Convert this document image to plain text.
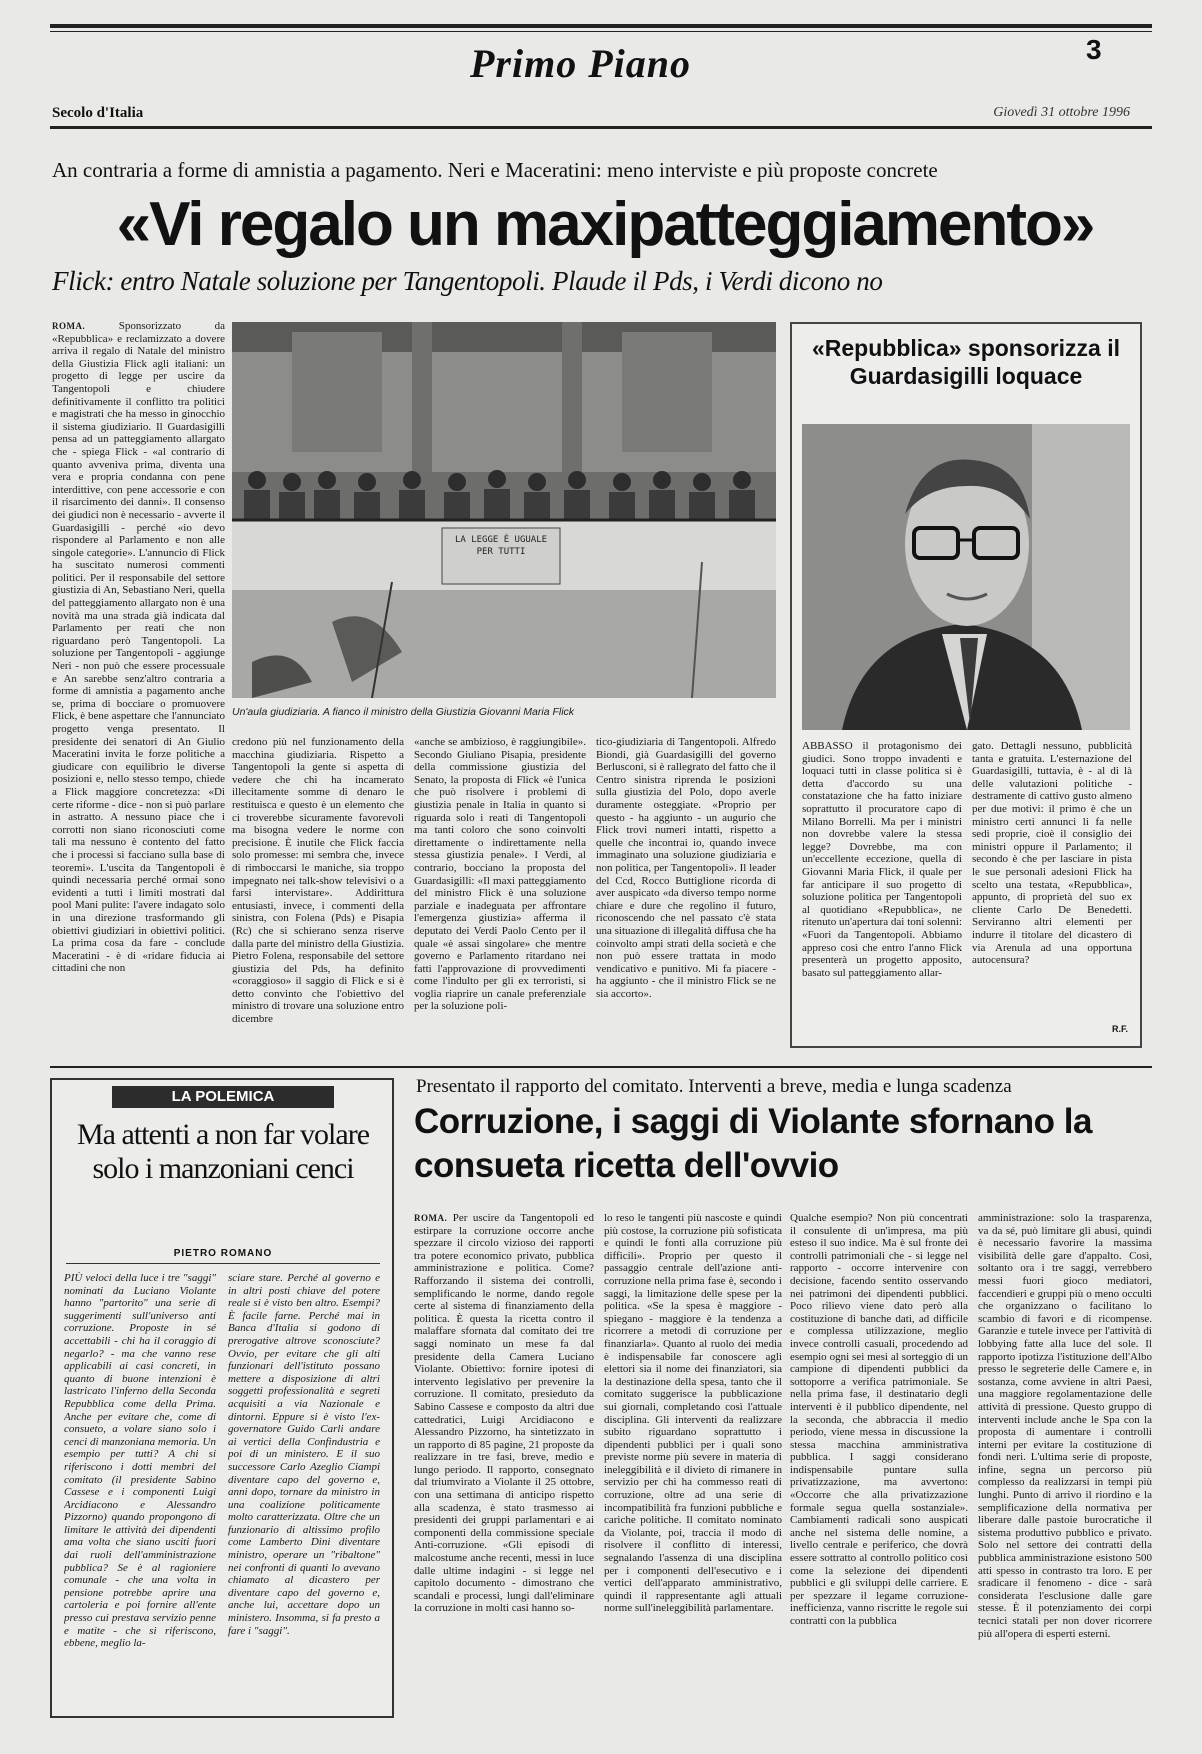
Primo Piano	3
Secolo d'Italia	Giovedì 31 ottobre 1996
An contraria a forme di amnistia a pagamento. Neri e Maceratini: meno interviste e più proposte concrete
«Vi regalo un maxipatteggiamento»
Flick: entro Natale soluzione per Tangentopoli. Plaude il Pds, i Verdi dicono no
ROMA.	Sponsorizzato da «Repubblica» e reclamizzato a dovere arriva il regalo di Natale del ministro della Giustizia Flick agli italiani: un progetto di legge per uscire da Tangentopoli e chiudere definitivamente il conflitto tra politici e magistrati che ha messo in ginocchio il sistema giudiziario. Il Guardasigilli pensa ad un patteggiamento allargato che - spiega Flick - «al contrario di quanto avveniva prima, diventa una vera e propria condanna con pene interdittive, con pene accessorie e con il risarcimento dei danni». Il consenso dei giudici non è necessario - avverte il Guardasigilli - perché «io devo rispondere al Parlamento e non alle singole categorie». L'annuncio di Flick ha suscitato numerosi commenti politici. Per il responsabile del settore giustizia di An, Sebastiano Neri, quella del patteggiamento allargato non è una novità ma una strada già indicata dal Parlamento per reati che non riguardano però Tangentopoli. La soluzione per Tangentopoli - aggiunge Neri - non può che essere processuale e An sarebbe senz'altro contraria a forme di amnistia a pagamento anche se, prima di bocciare o promuovere Flick, è bene aspettare che l'annunciato progetto venga presentato. Il presidente dei senatori di An Giulio Maceratini invita le forze politiche a giudicare con equilibrio le diverse posizioni e, nello stesso tempo, chiede a Flick maggiore concretezza: «Di certe riforme - dice - non si può parlare in astratto. A nessuno piace che i corrotti non siano riconosciuti come tali ma nessuno è contento del fatto che i processi si facciano sulla base di teoremi». L'uscita da Tangentopoli è quindi necessaria perché ormai sono evidenti a tutti i limiti mostrati dal pool Mani pulite: l'avere indagato solo in una direzione trasformando gli obiettivi giudiziari in obiettivi politici. La prima cosa da fare - conclude Maceratini - è di «ridare fiducia ai cittadini che non
LA LEGGE È UGUALE PER TUTTI
Un'aula giudiziaria. A fianco il ministro della Giustizia Giovanni Maria Flick
credono più nel funzionamento della macchina giudiziaria. Rispetto a Tangentopoli la gente si aspetta di vedere che chi ha incamerato illecitamente somme di denaro le restituisca e questo è un elemento che ci troverebbe sicuramente favorevoli ma bisogna vedere le norme con precisione. È inutile che Flick faccia solo promesse: mi sembra che, invece di rimboccarsi le maniche, sia troppo impegnato nei talk-show televisivi o a farsi intervistare». Addirittura entusiasti, invece, i commenti della sinistra, con Folena (Pds) e Pisapia (Rc) che si schierano senza riserve dalla parte del ministro della Giustizia. Pietro Folena, responsabile del settore giustizia del Pds, ha definito «coraggioso» il saggio di Flick e si è detto convinto che l'obiettivo del ministro di trovare una soluzione entro dicembre
«anche se ambizioso, è raggiungibile». Secondo Giuliano Pisapia, presidente della commissione giustizia del Senato, la proposta di Flick «è l'unica che può risolvere i problemi di giustizia penale in Italia in quanto si riguarda solo i reati di Tangentopoli ma tanti coloro che sono coinvolti direttamente o indirettamente nella stessa giustizia penale». I Verdi, al contrario, bocciano la proposta del Guardasigilli: «Il maxi patteggiamento del ministro Flick è una soluzione parziale e inadeguata per affrontare l'emergenza giustizia» afferma il deputato dei Verdi Paolo Cento per il quale «è assai singolare» che mentre governo e Parlamento ritardano nei fatti l'approvazione di provvedimenti come l'indulto per gli ex terroristi, si voglia riaprire un canale preferenziale per la soluzione poli-
tico-giudiziaria di Tangentopoli. Alfredo Biondi, già Guardasigilli del governo Berlusconi, si è rallegrato del fatto che il Centro sinistra riprenda le posizioni sulla giustizia del Polo, dopo averle duramente osteggiate. «Proprio per questo - ha aggiunto - un augurio che Flick trovi numeri intatti, rispetto a quelle che incontrai io, quando invece immaginato una soluzione giudiziaria e non politica, per Tangentopoli». Il leader del Ccd, Rocco Buttiglione ricorda di aver auspicato «da diverso tempo norme chiare e dure che regolino il futuro, riconoscendo che nel passato c'è stata una situazione di illegalità diffusa che ha coinvolto ampi strati della società e che non può essere trattata in modo vendicativo e punitivo. Mi fa piacere - ha aggiunto - che il ministro Flick se ne sia accorto».
«Repubblica» sponsorizza il Guardasigilli loquace
ABBASSO il protagonismo dei giudici. Sono troppo invadenti e loquaci tutti in classe politica si è detta d'accordo su una constatazione che ha fatto iniziare soprattutto il procuratore capo di Milano Borrelli. Ma per i ministri non dovrebbe valere la stessa legge? Dovrebbe, ma con un'eccellente eccezione, quella di Giovanni Maria Flick, il quale per far anticipare il suo progetto di soluzione politica per Tangentopoli al quotidiano «Repubblica», ne ritenuto un'apertura dai toni solenni: «Fuori da Tangentopoli. Abbiamo appreso così che entro l'anno Flick presenterà un progetto apposito, basato sul patteggiamento allar-
gato. Dettagli nessuno, pubblicità tanta e gratuita. L'esternazione del Guardasigilli, tuttavia, è - al di là delle valutazioni politiche - destramente di cattivo gusto almeno per due motivi: il primo è che un ministro certi annunci li fa nelle sedi proprie, cioè il consiglio dei ministri oppure il Parlamento; il secondo è che per lasciare in pista le sue personali adesioni Flick ha scelto una testata, «Repubblica», appunto, di proprietà del suo ex cliente Carlo De Benedetti. Serviranno altri elementi per indurre il titolare del dicastero di via Arenula ad una opportuna autocensura?
R.F.
LA POLEMICA
Ma attenti a non far volare solo i manzoniani cenci
PIETRO ROMANO
PIÙ veloci della luce i tre "saggi" nominati da Luciano Violante hanno "partorito" una serie di suggerimenti sull'universo anti corruzione. Proposte in sé accettabili - chi ha il coraggio di negarlo? - ma che vanno rese applicabili ai casi concreti, in quanto di buone intenzioni è lastricato l'inferno della Seconda Repubblica come della Prima. Anche per evitare che, come di consueto, a volare siano solo i cenci di manzoniana memoria. Un esempio per tutti? A chi si riferiscono i dotti membri del comitato (il presidente Sabino Cassese e i componenti Luigi Arcidiacono e Alessandro Pizzorno) quando propongono di limitare le attività dei dipendenti ama volta che siano usciti fuori dai ruoli dell'amministrazione pubblica? Se è al ragioniere comunale - che una volta in pensione potrebbe aprire una cartoleria e poi fornire all'ente presso cui prestava servizio penne e matite - che si riferiscono, ebbene, meglio la-
sciare stare. Perché al governo e in altri posti chiave del potere reale si è visto ben altro. Esempi? È facile farne. Perché mai in Banca d'Italia si godono di prerogative altrove sconosciute? Ovvio, per evitare che gli alti funzionari dell'istituto possano mettere a disposizione di altri soggetti professionalità e segreti acquisiti a via Nazionale e dintorni. Eppure si è visto l'ex-governatore Guido Carli andare ai vertici della Confindustria e poi di un ministero. E il suo successore Carlo Azeglio Ciampi diventare capo del governo e, anni dopo, tornare da ministro in una coalizione politicamente molto caratterizzata. Oltre che un funzionario di altissimo profilo come Lamberto Dini diventare ministro, operare un "ribaltone" nei confronti di quanti lo avevano chiamato al dicastero per diventare capo del governo e, anche lui, accettare dopo un ministero. Insomma, si fa presto a fare i "saggi".
Presentato il rapporto del comitato. Interventi a breve, media e lunga scadenza
Corruzione, i saggi di Violante sfornano la consueta ricetta dell'ovvio
ROMA. Per uscire da Tangentopoli ed estirpare la corruzione occorre anche spezzare il circolo vizioso dei rapporti tra potere economico privato, pubblica amministrazione e politica. Come? Rafforzando il sistema dei controlli, semplificando le norme, dando regole certe al sistema di finanziamento della politica. È questa la ricetta contro il malaffare sfornata dal comitato dei tre saggi nominato un mese fa dal presidente della Camera Luciano Violante. Obiettivo: fornire ipotesi di intervento legislativo per prevenire la corruzione. Il comitato, presieduto da Sabino Cassese e composto da altri due cattedratici, Luigi Arcidiacono e Alessandro Pizzorno, ha sintetizzato in un rapporto di 85 pagine, 21 proposte da realizzare in tre fasi, breve, medio e lungo periodo. Il rapporto, consegnato dal triumvirato a Violante il 25 ottobre, con una settimana di anticipo rispetto alla scadenza, è stato trasmesso ai presidenti dei gruppi parlamentari e ai componenti della commissione speciale Anti-corruzione. «Gli episodi di malcostume anche recenti, messi in luce dalle ultime indagini - si legge nel capitolo documento - dimostrano che scandali e processi, lungi dall'eliminare la corruzione in molti casi hanno so-
lo reso le tangenti più nascoste e quindi più costose, la corruzione più sofisticata e quindi le fonti alla corruzione più difficili». Proprio per questo il passaggio centrale dell'azione anti-corruzione nella prima fase è, secondo i saggi, la limitazione delle spese per la politica. «Se la spesa è maggiore - spiegano - maggiore è la tendenza a ricorrere a metodi di corruzione per finanziarla». Quanto al ruolo dei media è indispensabile far conoscere agli elettori sia il nome dei finanziatori, sia la destinazione della spesa, tanto che il comitato suggerisce la pubblicazione sui giornali, completando così l'attuale disciplina. Gli interventi da realizzare subito riguardano soprattutto i dipendenti pubblici per i quali sono previste norme più severe in materia di ineleggibilità e il divieto di rimanere in servizio per chi ha commesso reati di corruzione, oltre ad una serie di incompatibilità fra funzioni pubbliche e cariche politiche. Il comitato nominato da Violante, poi, traccia il modo di risolvere il conflitto di interessi, segnalando l'assenza di una disciplina per i componenti dell'esecutivo e i vertici dell'apparato amministrativo, quindi il rappresentante agli attuali norme sull'ineleggibilità parlamentare.
Qualche esempio? Non più concentrati il consulente di un'impresa, ma più esteso il suo indice. Ma è sul fronte dei controlli patrimoniali che - si legge nel rapporto - occorre intervenire con decisione, facendo sentito osservando nei patrimoni dei dipendenti pubblici. Poco rilievo viene dato però alla costituzione di banche dati, ad difficile e complessa utilizzazione, meglio invece controlli casuali, procedendo ad esempio ogni sei mesi al sorteggio di un campione di dipendenti pubblici da sottoporre a verifica patrimoniale. Se nella prima fase, il destinatario degli interventi è il pubblico dipendente, nel la seconda, che abbraccia il medio periodo, viene messa in discussione la stessa macchina amministrativa pubblica. I saggi considerano indispensabile puntare sulla privatizzazione, ma avvertono: «Occorre che alla privatizzazione formale segua quella sostanziale». Cambiamenti radicali sono auspicati anche nel sistema delle nomine, a livello centrale e periferico, che dovrà essere sottratto al controllo politico così come la selezione dei dipendenti pubblici e gli sviluppi delle carriere. E per spezzare il legame corruzione-inefficienza, vanno riscritte le regole sui contratti con la pubblica
amministrazione: solo la trasparenza, va da sé, può limitare gli abusi, quindi è necessario favorire la massima visibilità delle gare d'appalto. Così, soltanto ora i tre saggi, verrebbero messi fuori gioco mediatori, faccendieri e gruppi più o meno occulti che organizzano o facilitano lo scambio di favori e di ricompense. Garanzie e tutele invece per l'attività di lobbying fatte alla luce del sole. Il rapporto ipotizza l'istituzione dell'Albo presso le segreterie delle Camere e, in sostanza, come avviene in altri Paesi, una maggiore regolamentazione delle attività di pressione. Questo gruppo di interventi include anche le Spa con la proposta di aumentare i controlli interni per evitare la costituzione di fondi neri. L'ultima serie di proposte, infine, segna un percorso più complesso da realizzarsi in tempi più lunghi. Punto di arrivo il riordino e la semplificazione della normativa per liberare dalle pastoie burocratiche il sistema produttivo pubblico e privato. Solo nel settore dei contratti della pubblica amministrazione esistono 500 atti spesso in contrasto tra loro. E per sradicare il fenomeno - dice - sarà considerata l'esclusione dalle gare stesse. È il potenziamento dei corpi tecnici statali per non dover ricorrere più all'opera di esperti esterni.
